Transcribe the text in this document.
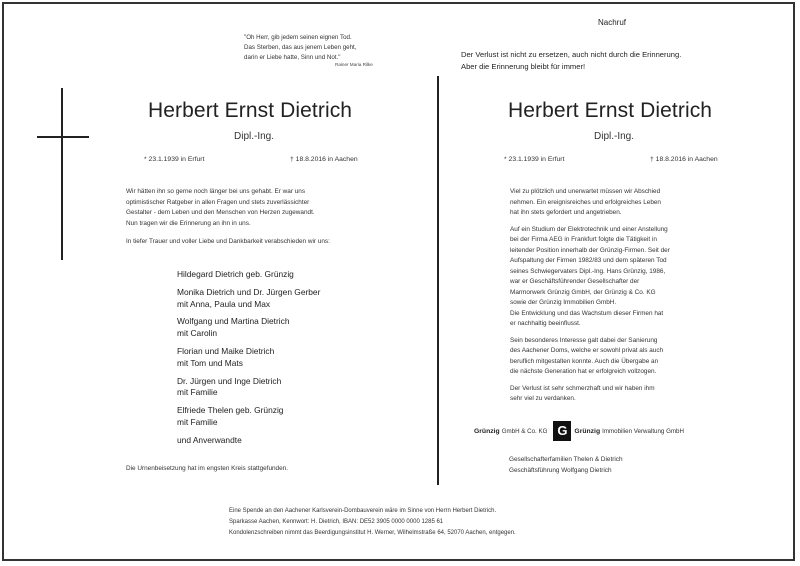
"Oh Herr, gib jedem seinen eignen Tod.
Das Sterben, das aus jenem Leben geht,
darin er Liebe hatte, Sinn und Not."
Rainer Maria Rilke
Nachruf
Der Verlust ist nicht zu ersetzen, auch nicht durch die Erinnerung.
Aber die Erinnerung bleibt für immer!
Herbert Ernst Dietrich
Dipl.-Ing.
* 23.1.1939 in Erfurt	† 18.8.2016 in Aachen
Wir hätten ihn so gerne noch länger bei uns gehabt. Er war uns
optimistischer Ratgeber in allen Fragen und stets zuverlässichter
Gestalter - dem Leben und den Menschen von Herzen zugewandt.
Nun tragen wir die Erinnerung an ihn in uns.
In tiefer Trauer und voller Liebe und Dankbarkeit verabschieden wir uns:
Hildegard Dietrich geb. Grünzig
Monika Dietrich und Dr. Jürgen Gerber
mit Anna, Paula und Max
Wolfgang und Martina Dietrich
mit Carolin
Florian und Maike Dietrich
mit Tom und Mats
Dr. Jürgen und Inge Dietrich
mit Familie
Elfriede Thelen geb. Grünzig
mit Familie
und Anverwandte
Die Urnenbeisetzung hat im engsten Kreis stattgefunden.
Herbert Ernst Dietrich
Dipl.-Ing.
* 23.1.1939 in Erfurt	† 18.8.2016 in Aachen
Viel zu plötzlich und unerwartet müssen wir Abschied
nehmen. Ein ereignisreiches und erfolgreiches Leben
hat ihn stets gefordert und angetrieben.
Auf ein Studium der Elektrotechnik und einer Anstellung
bei der Firma AEG in Frankfurt folgte die Tätigkeit in
leitender Position innerhalb der Grünzig-Firmen. Seit der
Aufspaltung der Firmen 1982/83 und dem späteren Tod
seines Schwiegervaters Dipl.-Ing. Hans Grünzig, 1986,
war er Geschäftsführender Gesellschafter der
Marmorwerk Grünzig GmbH, der Grünzig & Co. KG
sowie der Grünzig Immobilien GmbH.
Die Entwicklung und das Wachstum dieser Firmen hat
er nachhaltig beeinflusst.
Sein besonderes Interesse galt dabei der Sanierung
des Aachener Doms, welche er sowohl privat als auch
beruflich mitgestalten konnte. Auch die Übergabe an
die nächste Generation hat er erfolgreich vollzogen.
Der Verlust ist sehr schmerzhaft und wir haben ihm
sehr viel zu verdanken.
Grünzig GmbH & Co. KG G	Grünzig Immobilien Verwaltung GmbH
Gesellschafterfamilien Thelen & Dietrich
Geschäftsführung Wolfgang Dietrich
Eine Spende an den Aachener Karlsverein-Dombauverein wäre im Sinne von Herrn Herbert Dietrich.
Sparkasse Aachen, Kennwort: H. Dietrich, IBAN: DE52 3905 0000 0000 1285 61
Kondolenzschreiben nimmt das Beerdigungsinstitut H. Werner, Wilhelmstraße 64, 52070 Aachen, entgegen.
